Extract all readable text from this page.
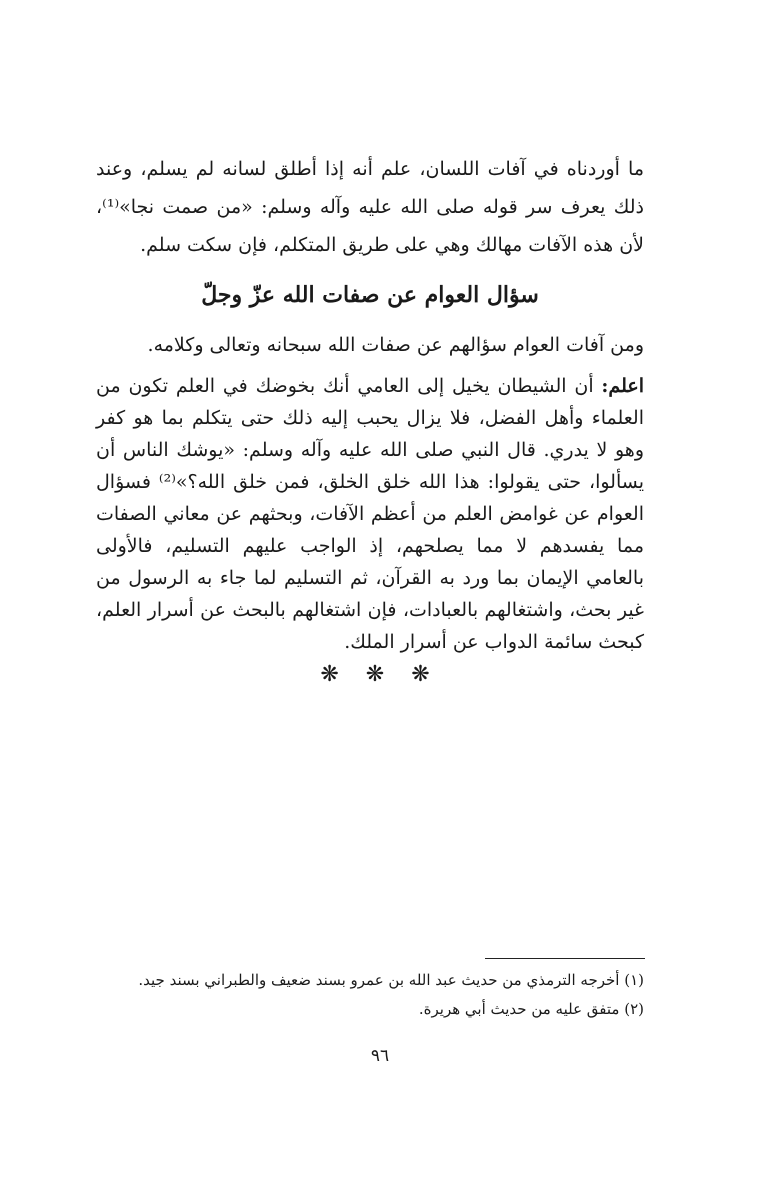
ما أوردناه في آفات اللسان، علم أنه إذا أطلق لسانه لم يسلم، وعند ذلك يعرف سر قوله صلى الله عليه وآله وسلم: «من صمت نجا»⁽¹⁾، لأن هذه الآفات مهالك وهي على طريق المتكلم، فإن سكت سلم.
سؤال العوام عن صفات الله عزّ وجلّ
ومن آفات العوام سؤالهم عن صفات الله سبحانه وتعالى وكلامه.
اعلم: أن الشيطان يخيل إلى العامي أنك بخوضك في العلم تكون من العلماء وأهل الفضل، فلا يزال يحبب إليه ذلك حتى يتكلم بما هو كفر وهو لا يدري. قال النبي صلى الله عليه وآله وسلم: «يوشك الناس أن يسألوا، حتى يقولوا: هذا الله خلق الخلق، فمن خلق الله؟»⁽²⁾ فسؤال العوام عن غوامض العلم من أعظم الآفات، وبحثهم عن معاني الصفات مما يفسدهم لا مما يصلحهم، إذ الواجب عليهم التسليم، فالأولى بالعامي الإيمان بما ورد به القرآن، ثم التسليم لما جاء به الرسول من غير بحث، واشتغالهم بالعبادات، فإن اشتغالهم بالبحث عن أسرار العلم، كبحث سائمة الدواب عن أسرار الملك.
❋ ❋ ❋
(١) أخرجه الترمذي من حديث عبد الله بن عمرو بسند ضعيف والطبراني بسند جيد.
(٢) متفق عليه من حديث أبي هريرة.
٩٦
